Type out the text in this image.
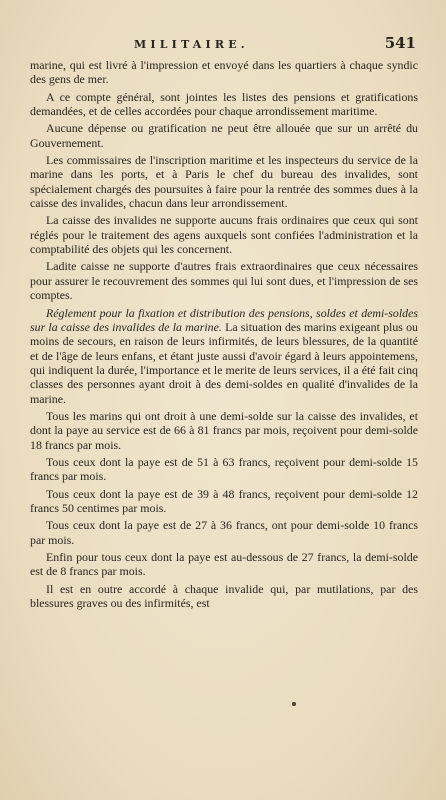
MILITAIRE.	541

marine, qui est livré à l'impression et envoyé dans les quartiers à chaque syndic des gens de mer.

A ce compte général, sont jointes les listes des pensions et gratifications demandées, et de celles accordées pour chaque arrondissement maritime.

Aucune dépense ou gratification ne peut être allouée que sur un arrêté du Gouvernement.

Les commissaires de l'inscription maritime et les inspecteurs du service de la marine dans les ports, et à Paris le chef du bureau des invalides, sont spécialement chargés des poursuites à faire pour la rentrée des sommes dues à la caisse des invalides, chacun dans leur arrondissement.

La caisse des invalides ne supporte aucuns frais ordinaires que ceux qui sont réglés pour le traitement des agens auxquels sont confiées l'administration et la comptabilité des objets qui les concernent.

Ladite caisse ne supporte d'autres frais extraordinaires que ceux nécessaires pour assurer le recouvrement des sommes qui lui sont dues, et l'impression de ses comptes.

Réglement pour la fixation et distribution des pensions, soldes et demi-soldes sur la caisse des invalides de la marine. La situation des marins exigeant plus ou moins de secours, en raison de leurs infirmités, de leurs blessures, de la quantité et de l'âge de leurs enfans, et étant juste aussi d'avoir égard à leurs appointemens, qui indiquent la durée, l'importance et le merite de leurs services, il a été fait cinq classes des personnes ayant droit à des demi-soldes en qualité d'invalides de la marine.

Tous les marins qui ont droit à une demi-solde sur la caisse des invalides, et dont la paye au service est de 66 à 81 francs par mois, reçoivent pour demi-solde 18 francs par mois.

Tous ceux dont la paye est de 51 à 63 francs, reçoivent pour demi-solde 15 francs par mois.

Tous ceux dont la paye est de 39 à 48 francs, reçoivent pour demi-solde 12 francs 50 centimes par mois.

Tous ceux dont la paye est de 27 à 36 francs, ont pour demi-solde 10 francs par mois.

Enfin pour tous ceux dont la paye est au-dessous de 27 francs, la demi-solde est de 8 francs par mois.

Il est en outre accordé à chaque invalide qui, par mutilations, par des blessures graves ou des infirmités, est
